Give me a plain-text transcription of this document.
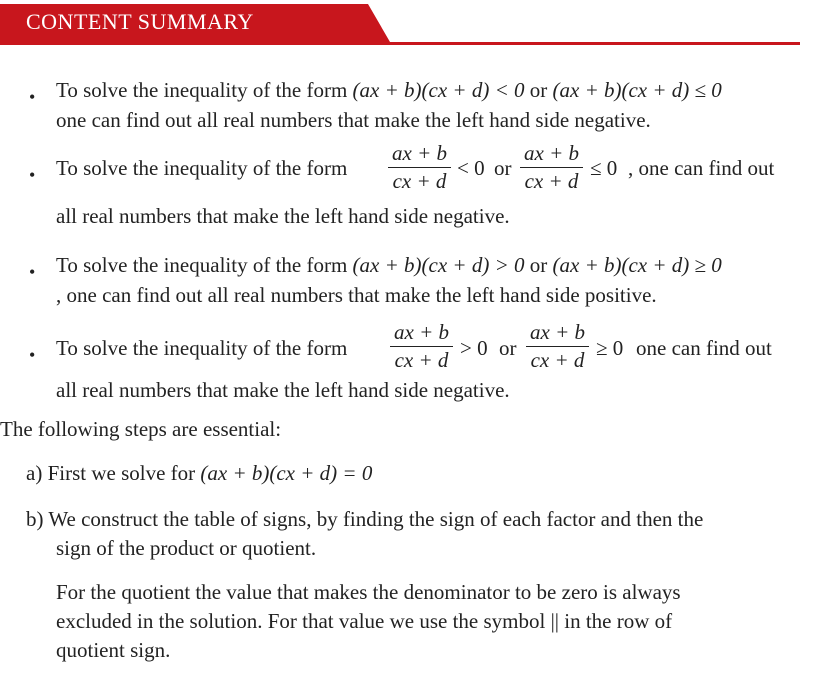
CONTENT SUMMARY
• To solve the inequality of the form (ax + b)(cx + d) < 0 or (ax + b)(cx + d) ≤ 0
one can find out all real numbers that make the left hand side negative.
• To solve the inequality of the form
ax + b
cx + d
< 0 or
ax + b
cx + d
≤ 0 , one can find out
all real numbers that make the left hand side negative.
• To solve the inequality of the form (ax + b)(cx + d) > 0 or (ax + b)(cx + d) ≥ 0
, one can find out all real numbers that make the left hand side positive.
• To solve the inequality of the form
ax + b
cx + d > 0 or
ax + b
cx + d ≥ 0 one can find out
all real numbers that make the left hand side negative.
The following steps are essential:
a) First we solve for (ax + b)(cx + d) = 0
b) We construct the table of signs, by finding the sign of each factor and then the
sign of the product or quotient.
For the quotient the value that makes the denominator to be zero is always
excluded in the solution. For that value we use the symbol || in the row of
quotient sign.
